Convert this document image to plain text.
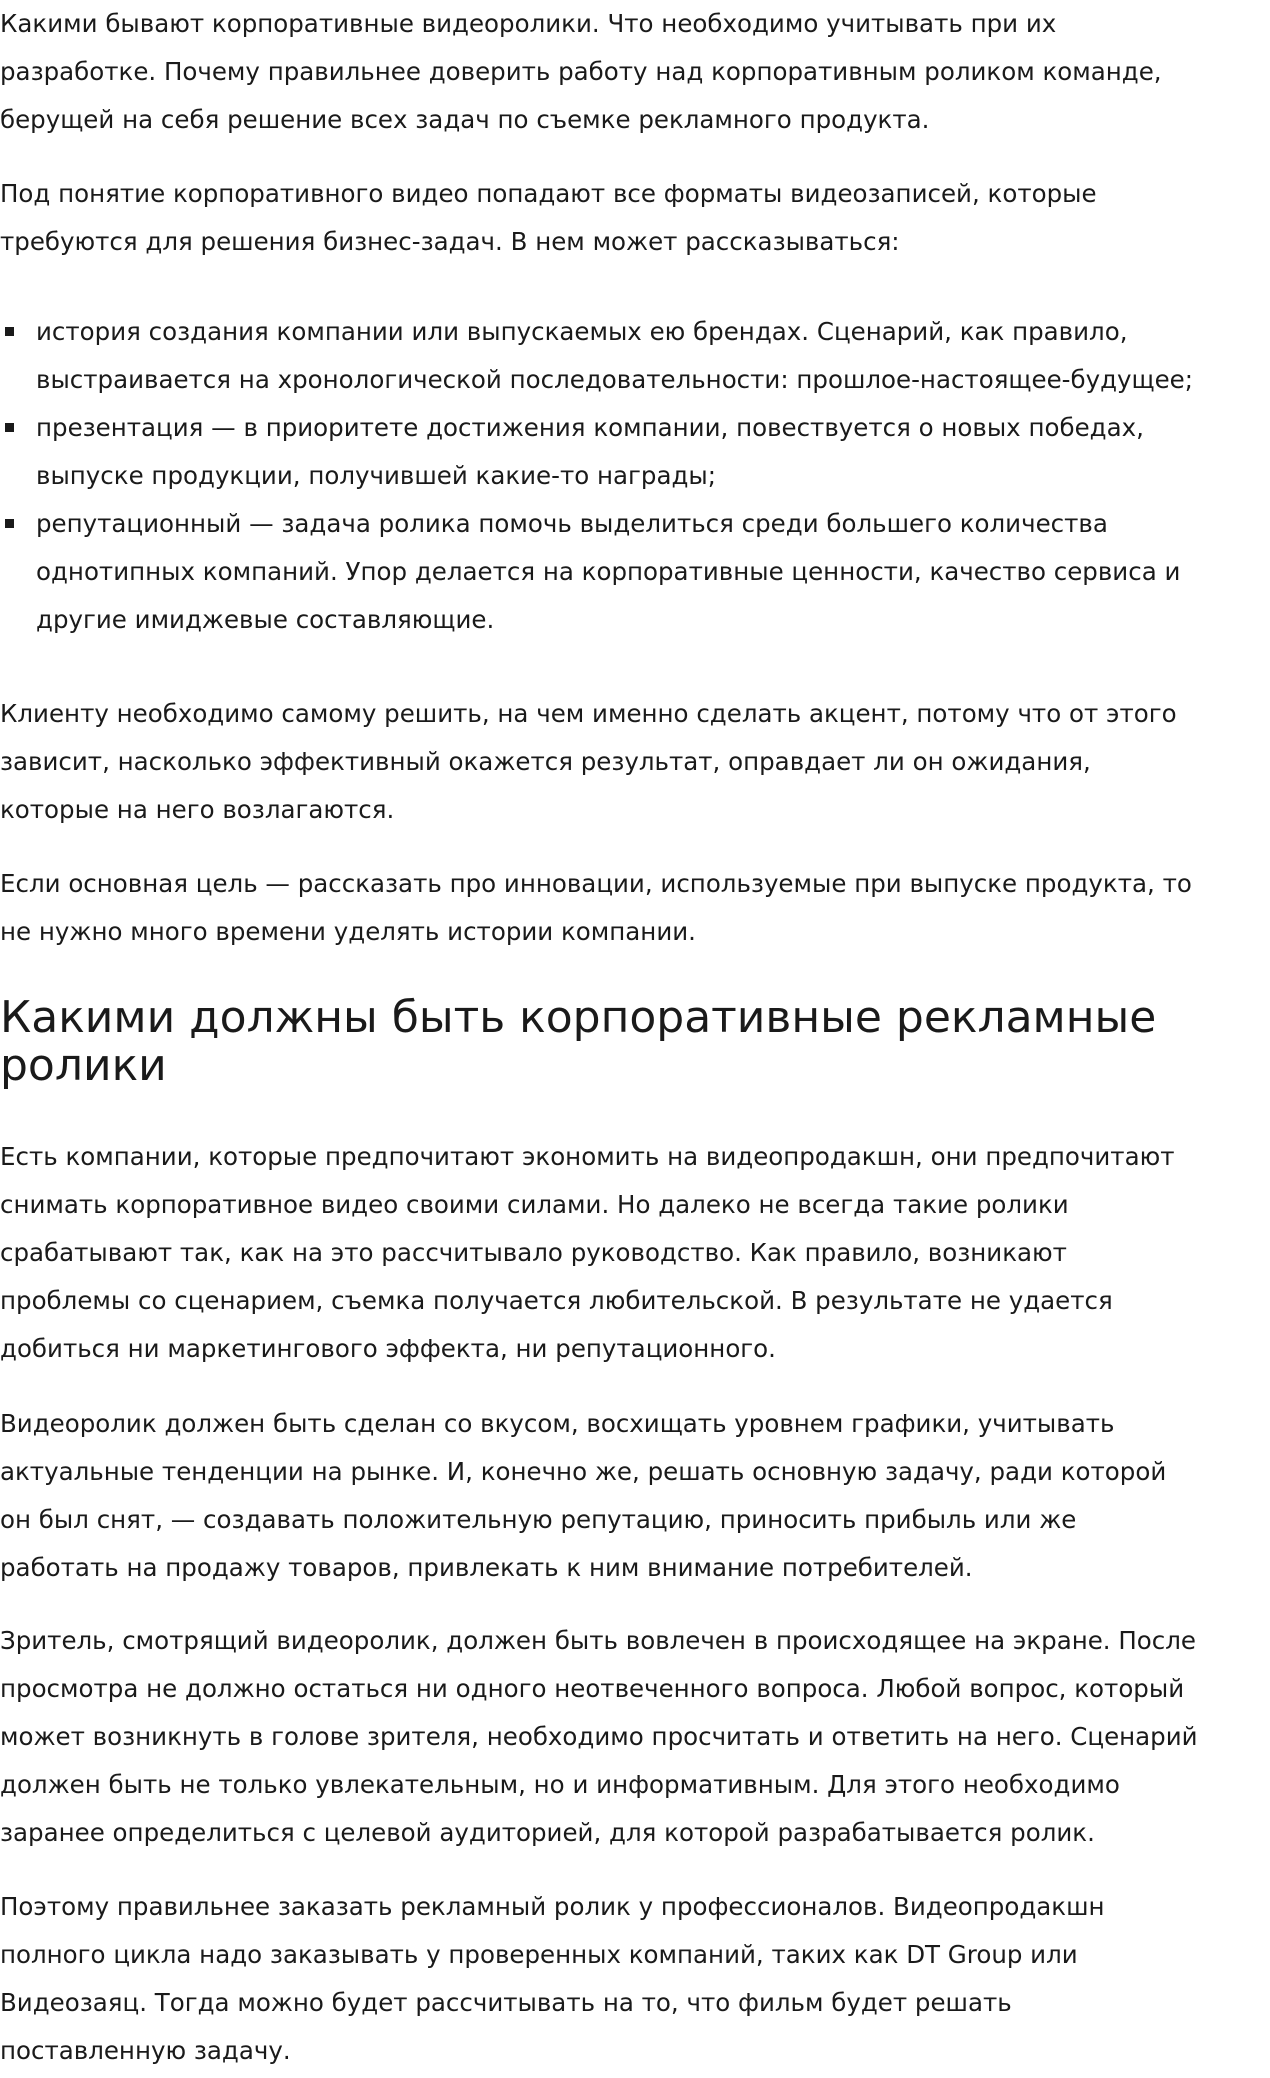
Какими бывают корпоративные видеоролики. Что необходимо учитывать при их
разработке. Почему правильнее доверить работу над корпоративным роликом команде,
берущей на себя решение всех задач по съемке рекламного продукта.

Под понятие корпоративного видео попадают все форматы видеозаписей, которые
требуются для решения бизнес-задач. В нем может рассказываться:

история создания компании или выпускаемых ею брендах. Сценарий, как правило,
выстраивается на хронологической последовательности: прошлое-настоящее-будущее;
презентация — в приоритете достижения компании, повествуется о новых победах,
выпуске продукции, получившей какие-то награды;
репутационный — задача ролика помочь выделиться среди большего количества
однотипных компаний. Упор делается на корпоративные ценности, качество сервиса и
другие имиджевые составляющие.

Клиенту необходимо самому решить, на чем именно сделать акцент, потому что от этого
зависит, насколько эффективный окажется результат, оправдает ли он ожидания,
которые на него возлагаются.

Если основная цель — рассказать про инновации, используемые при выпуске продукта, то
не нужно много времени уделять истории компании.

Какими должны быть корпоративные рекламные
ролики

Есть компании, которые предпочитают экономить на видеопродакшн, они предпочитают
снимать корпоративное видео своими силами. Но далеко не всегда такие ролики
срабатывают так, как на это рассчитывало руководство. Как правило, возникают
проблемы со сценарием, съемка получается любительской. В результате не удается
добиться ни маркетингового эффекта, ни репутационного.

Видеоролик должен быть сделан со вкусом, восхищать уровнем графики, учитывать
актуальные тенденции на рынке. И, конечно же, решать основную задачу, ради которой
он был снят, — создавать положительную репутацию, приносить прибыль или же
работать на продажу товаров, привлекать к ним внимание потребителей.

Зритель, смотрящий видеоролик, должен быть вовлечен в происходящее на экране. После
просмотра не должно остаться ни одного неотвеченного вопроса. Любой вопрос, который
может возникнуть в голове зрителя, необходимо просчитать и ответить на него. Сценарий
должен быть не только увлекательным, но и информативным. Для этого необходимо
заранее определиться с целевой аудиторией, для которой разрабатывается ролик.

Поэтому правильнее заказать рекламный ролик у профессионалов. Видеопродакшн
полного цикла надо заказывать у проверенных компаний, таких как DT Group или
Видеозаяц. Тогда можно будет рассчитывать на то, что фильм будет решать
поставленную задачу.
